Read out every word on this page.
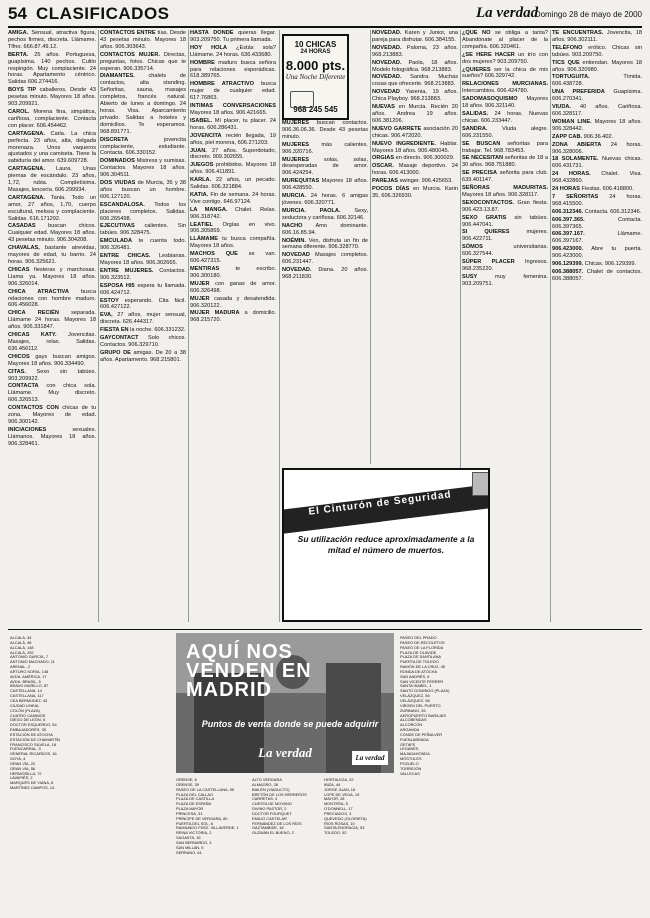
54 CLASIFICADOS	La verdad
Domingo 28 de mayo de 2000
AMIGA. Sensual, atractiva figura, pechos firmes, discreta. Llámame. Tlfno. 666.87.49.12.
BERTA. 25 años. Portuguesa, guapísima. 140 pechos. Culito respingón. Muy complaciente. 24 horas. Apartamento céntrico. Salidas 606.274416.
BOYS TIP caballeros. Desde 43 pesetas minuto. Mayores 18 años. 903.209921.
CAROL. Morena fina, simpática, cariñosa, complaciente. Contacta con placer. 606.454462.
CARTAGENA. Carla. La chica perfecta. 23 años, alta, delgada morenaza. Unos vaqueros ajustados y una camiseta. Tiene la sabiduría del amor. 639.609728.
CARTAGENA. Laura. Unas piernas de escándalo. 23 años, 1,72, rubia. Completísima. Masajes, lencería. 606.299934.
CARTAGENA. Tania. Todo un amor, 27 años, 1,70, cuerpo escultural, melosa y complaciente. Salidas. 616.171292.
CASADAS buscan chicos. Cualquier edad. Mayores 18 años. 43 pesetas minuto. 906.304208.
CHAVALAS, bastante atrevidas, mayores de edad, tu barrio. 24 horas. 906.325621.
CHICAS fiesteras y marchosas. Llama ya. Mayores 18 años. 906.326014.
CHICA ATRACTIVA busca relaciones con hombre maduro. 606.456028.
CHICA RECIÉN separada. Llámame 24 horas. Mayores 18 años. 906.331847.
CHICAS KATY. Jovencitas. Masajes, relax. Salidas. 636.456112.
CHICOS gays buscan amigos. Mayores 18 años. 906.334490.
CITAS. Sexo sin tabúes. 903.209922.
CONTACTA con chica sola. Llámame. Muy discreto. 606.326513.
CONTACTOS CON chicas de tu zona. Mayores de edad. 906.300142.
INICIACIONES	sexuales. Llámanos. Mayores 18 años. 906.328461.
CONTACTOS ENTRE tías. Desde 43 pesetas minuto. Mayores 18 años. 906.303643.
CONTACTOS MUJER. Directas, preguntas, fotos. Chicas que te esperan. 906.335714.
DIAMANTES. chalets de contactos, alta standing. Señoritas, sauna, masajes completos, francés natural. Abierto de lunes a domingo. 24 horas. Visa. Aparcamiento privado. Salidas a hoteles y domicilios. Te esperamos. 968.891771.
DISCRETA	jovencita complaciente, estudiante. Contacta. 606.330152.
DOMINADOS Mistress y sumisas. Contactos. Mayores 18 años. 906.304511.
DOS VIUDAS de Murcia, 35 y 38 años buscan un hombre. 606.127120.
ESCANDALOSA. Todos los placeres completos. Salidas. 606.265498.
EJECUTIVAS calientes. Sin tabúes. 906.328475.
EMCULADA te cuenta todo. 906.326481.
ENTRE CHICAS. Lesbianas. Mayores 18 años. 906.302665.
ENTRE MUJERES. Contactos. 906.323512.
ESPOSA HI5 espera tu llamada. 606.424712.
ESTOY esperando. Cita fácil. 606.427122.
EVA, 27 años, mujer sensual, discreta. 626.444317.
FIESTA EN la noche. 606.331232.
GAYCONTACT Solo chicos. Contactos. 906.329710.
GRUPO DE amigas. De 20 a 38 años. Apartamento. 968.215801.
HASTA DONDE quieras llegar. 903.209750. Tu primera llamada.
HOY HOLA ¿Estás sola? Llámame. 24 horas. 636.433680.
HOMBRE maduro busca señora para relaciones esporádicas. 618.389765.
HOMBRE ATRACTIVO busca mujer de cualquier edad. 617.76863.
INTIMAS CONVERSACIONES Mayores 18 años. 906.421665.
ISABEL. Mi placer, tu placer. 24 horas. 606.286431.
JOVENCITA recién llegada, 19 años, piel morena, 606.271203.
JUAN. 27 años. Superdotado, discreto. 909.302655.
JUEGOS prohibidos. Mayores 18 años. 906.411891.
KARLA. 22 años, un pecado. Salidas. 606.321884.
KATIA. Fin de semana. 24 horas. Vive contigo. 646.97124.
LA MANGA. Chalet. Relax. 906.318742.
LEATIEL Orgías en vivo. 906.305869.
LLÁMAME tu busca compañía. Mayores 18 años.
MACHOS QUE se van. 606.427315.
MENTIRAS	te escribo. 906.300180.
MUJER con ganas de amor. 606.326498.
MUJER casada y desatendida. 906.320122.
MUJER MADURA a domicilio. 968.215720.
MUJERES buscan contactos. 906.36.06.36. Desde 43 pesetas minuto.
MUJERES más calientes. 906.320716.
MUJERES	solas, solas, desesperadas de amor. 906.424254.
MUREQUITAS Mayores 18 años. 906.428550.
MURCIA. 24 horas. 6 amigas jóvenes. 606.320771.
MURCIA. PAOLA. Sexy, seductora y cariñosa. 606.32146.
NACHO Amo dominante. 606.16.85.94.
NOÉMIN. Ven, disfruta un fin de semana diferente. 906.328770.
NOVEDAD Masajes completos. 606.231447.
NOVEDAD. Diana. 20 años. 968.211830.
NOVEDAD. Karen y Junior, una pareja para disfrutar. 606.384155.
NOVEDAD. Paloma, 23 años. 968.213883.
NOVEDAD. Paola, 18 años. Modelo fotográfica. 968.213883.
NOVEDAD. Sandra. Muchas cosas que ofrecerte. 968.213883.
NOVEDAD Yasenia, 19 años. Chica Playboy. 968.213883.
NUEVAS en Murcia. Recién 20 años. Andrea 19 años. 606.381206.
NUEVO GARRETE asociación 20 chicas. 906.472020.
NUEVO INGREDIENTE. Hablar. Mayores 18 años. 906.480045.
ORGIAS en directo. 906.300029.
OSCAR. Masaje deportivo. 24 horas. 606.413000.
PAREJAS swinger. 906.425653.
POCOS DÍAS en Murcia. Karin 35, 606.326930.
¿QUÉ NO se obliga a tanta? Abandónate al placer de la compañía. 606.320461.
¿SE HERE HACER un trío con dos mujeres? 903.209750.
¿QUIERES ser la chica de mis sueños? 606.329742.
RELACIONES MURCIANAS. Intercambios. 606.424780.
SADOMASOQUISMO Mayores 18 años. 906.321140.
SALIDAS. 24 horas. Nuevas chicas. 606.233447.
SANDRA.	Viuda alegre. 606.231550.
SE BUSCAN señoritas para trabajar. Tel. 968.783453.
SE NECESITAN señoritas de 18 a 30 años. 968.751880.
SE PRECISA señorita para club. 639.401147.
SEÑORAS MADURITAS. Mayores 18 años. 906.328117.
SEXOCONTACTOS. Gran fiesta. 906.423.13.87.
SEXO GRATIS sin tabúes. 906.447041.
SI QUIERES	mujeres. 906.422711.
SÓMOS	universitarias. 606.327544.
SÚPER PLACER Ingresos. 968.235220.
SUSY	muy femenina. 903.209751.
TE ENCUENTRAS. Jovencita, 18 años. 906.302111.
TELÉFONO erótico. Chicas sin tabúes. 903.209750.
TICS QUE entiendan. Mayores 18 años. 906.320980.
TORTUGUITA.	Tímida. 606.438728.
UNA PREFERIDA Guapísima. 606.270341.
VIUDA. 40 años. Cariñosa. 606.328117.
WOMAN LINE. Mayores 18 años. 906.328442.
ZAPP CAB. 906.36.402.
ZONA ABIERTA 24 horas. 906.328006.
18 SOLAMENTE. Nuevas chicas. 606.431731.
24 HORAS. Chalet. Visa. 968.432860.
24 HORAS Fiestas. 606.418800.
7 SEÑORITAS 24 horas. 968.415500.
606.312346. Contacta. 606.312346.
606.397.365.	Contacta. 606.397365.
606.397.167.	Llámame. 606.397167.
906.423000. Abre tu puerta. 906.423000.
906.129399. Chicas. 906.129399.
606.388057. Chalet de contactos. 606.388057.
10 CHICAS
24 HORAS
8.000 pts.
Una Noche Diferente
968 245 545
El Cinturón de Seguridad
Su utilización reduce aproximadamente a la mitad el número de muertos.
ALCALÁ, 44
ALCALÁ, 98
ALCALÁ, 148
ALCALÁ, 292
ANTONIO GARCÍA, 7
ANTONIO MACHADO, 11
ARENAL, 2
ARTURO SORIA, 148
AVDA. AMÉRICA, 17
AVDA. BRASIL, 5
BRAVO MURILLO, 87
CASTELLANA, 14
CASTELLANA, 117
CEA BERMÚDEZ, 43
CIUDAD LINEAL
COLÓN (PLAZA)
CUATRO CAMINOS
DIEGO DE LEÓN, 5
DOCTOR ESQUERDO, 54
EMBAJADORES, 35
ESTACIÓN DE ATOCHA
ESTACIÓN DE CHAMARTÍN
FRANCISCO SILVELA, 18
FUENCARRAL, 3
GENERAL RICARDOS, 16
GOYA, 4
GRAN VÍA, 22
GRAN VÍA, 56
HERMOSILLA, 72
LAVAPIÉS, 2
MARQUÉS DE VIANA, 8
MARTÍNEZ CAMPOS, 14
ORENSE, 6
ORENSE, 39
PASEO DE LA CASTELLANA, 95
PLAZA DEL CALLAO
PLAZA DE CASTILLA
PLAZA DE ESPAÑA
PLAZA MAYOR
PRINCESA, 31
PRÍNCIPE DE VERGARA, 80
PUERTA DEL SOL, 6
RAIMUNDO FDEZ. VILLAVERDE, 1
REINA VICTORIA, 2
SAGASTA, 15
SAN BERNARDO, 3
SAN MILLÁN, 5
SERRANO, 61
ALTO VERGARA
ALMAGRO, 28
BAILÉN (VIADUCTO)
BRETÓN DE LOS HERREROS
CARRETAS, 4
CUESTA DE MOYANO
DIVINO PASTOR, 2
DOCTOR FOURQUET
EMILIO CASTELAR
FERNÁNDEZ DE LOS RÍOS
GAZTAMBIDE, 18
GUZMÁN EL BUENO, 2
HORTALEZA, 32
IBIZA, 44
JORGE JUAN, 16
LOPE DE VEGA, 19
MAYOR, 28
MONTERA, 9
O'DONNELL, 17
PRECIADOS, 3
QUEVEDO (GLORIETA)
RÍOS ROSAS, 10
SANTA ENGRACIA, 53
TOLEDO, 92
PASEO DEL PRADO
PASEO DE RECOLETOS
PASEO DE LA FLORIDA
PLAZA DE OLAVIDE
PLAZA DE SANTA ANA
PUERTA DE TOLEDO
RAMÓN DE LA CRUZ, 45
RONDA DE ATOCHA
SAN ANDRÉS, 6
SAN VICENTE FERRER
SANTA ISABEL, 1
SANTO DOMINGO (PLAZA)
VELÁZQUEZ, 56
VELÁZQUEZ, 98
VIRGEN DEL PUERTO
ZURBANO, 26
AEROPUERTO BARAJAS
ALCOBENDAS
ALCORCÓN
ARGANDA
CONDE DE PEÑALVER
FUENLABRADA
GETAFE
LEGANÉS
MAJADAHONDA
MÓSTOLES
POZUELO
TORREJÓN
VALLECAS
AQUÍ NOS VENDEN EN MADRID
Puntos de venta donde se puede adquirir
La verdad	La verdad
